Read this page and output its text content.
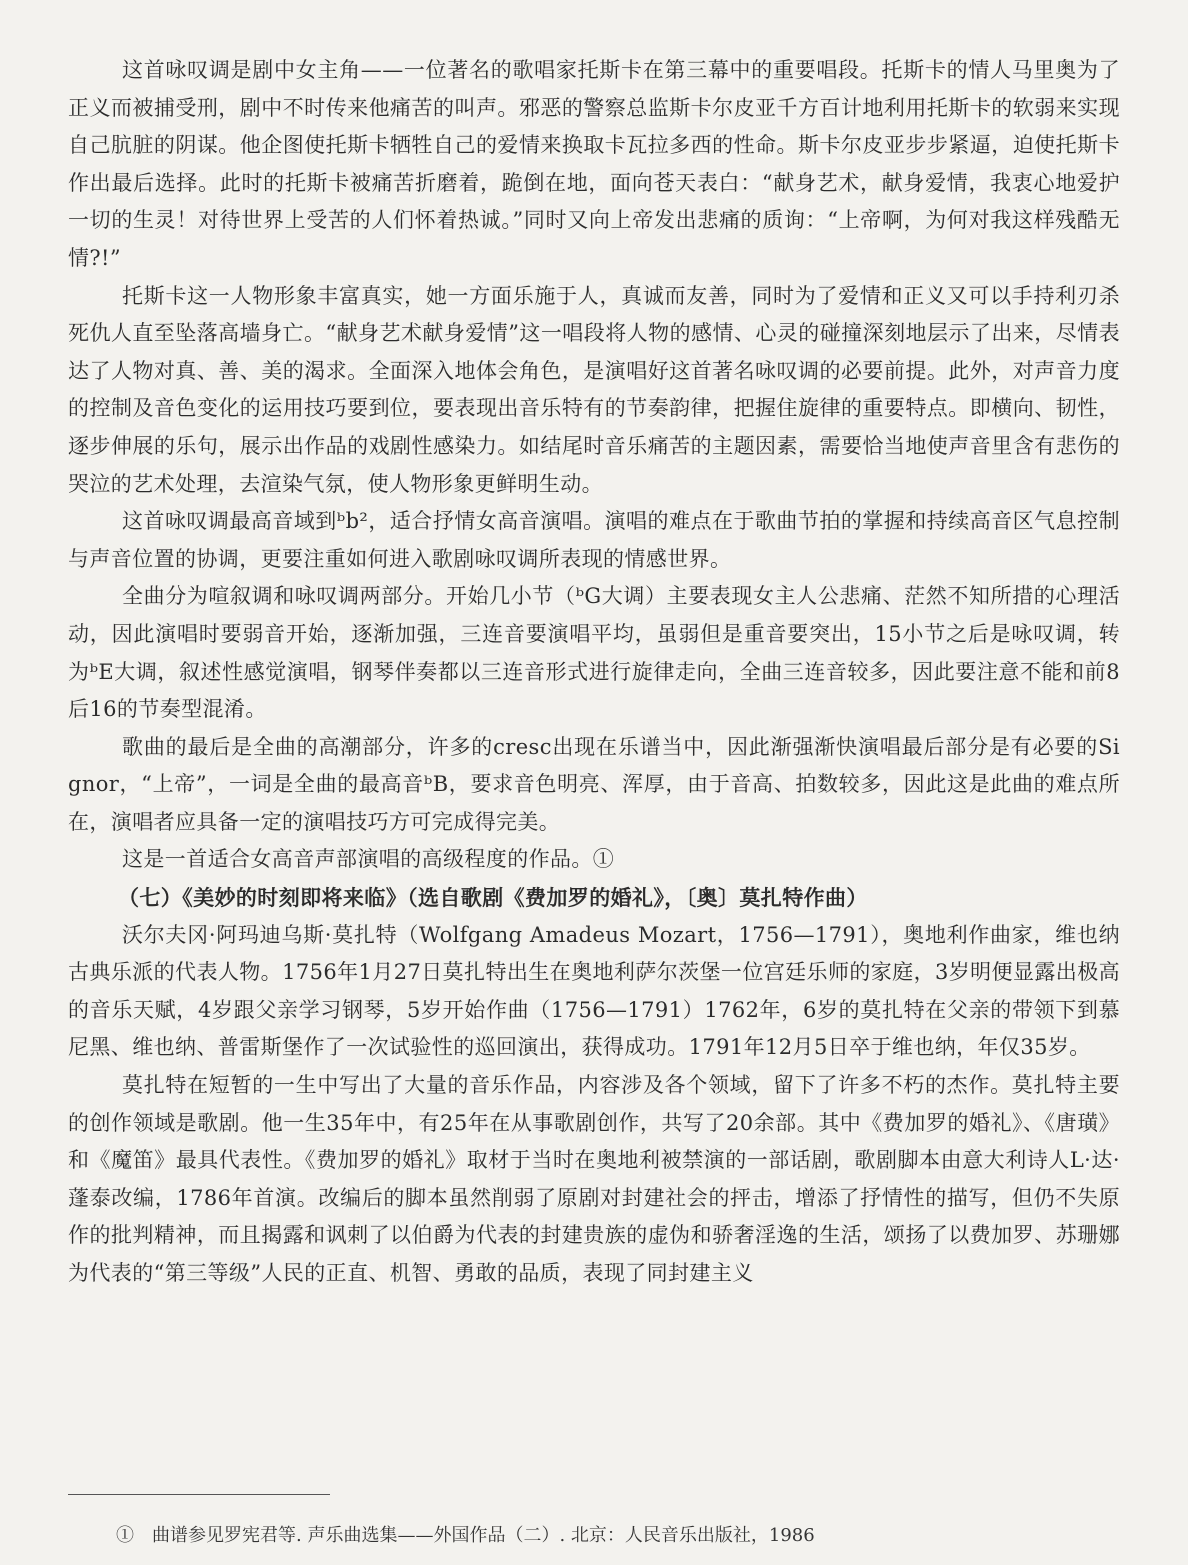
这首咏叹调是剧中女主角——一位著名的歌唱家托斯卡在第三幕中的重要唱段。托斯卡的情人马里奥为了正义而被捕受刑，剧中不时传来他痛苦的叫声。邪恶的警察总监斯卡尔皮亚千方百计地利用托斯卡的软弱来实现自己肮脏的阴谋。他企图使托斯卡牺牲自己的爱情来换取卡瓦拉多西的性命。斯卡尔皮亚步步紧逼，迫使托斯卡作出最后选择。此时的托斯卡被痛苦折磨着，跪倒在地，面向苍天表白：“献身艺术，献身爱情，我衷心地爱护一切的生灵！对待世界上受苦的人们怀着热诚。”同时又向上帝发出悲痛的质询：“上帝啊，为何对我这样残酷无情?!”

托斯卡这一人物形象丰富真实，她一方面乐施于人，真诚而友善，同时为了爱情和正义又可以手持利刃杀死仇人直至坠落高墙身亡。“献身艺术献身爱情”这一唱段将人物的感情、心灵的碰撞深刻地层示了出来，尽情表达了人物对真、善、美的渴求。全面深入地体会角色，是演唱好这首著名咏叹调的必要前提。此外，对声音力度的控制及音色变化的运用技巧要到位，要表现出音乐特有的节奏韵律，把握住旋律的重要特点。即横向、韧性，逐步伸展的乐句，展示出作品的戏剧性感染力。如结尾时音乐痛苦的主题因素，需要恰当地使声音里含有悲伤的哭泣的艺术处理，去渲染气氛，使人物形象更鲜明生动。

这首咏叹调最高音域到ᵇb²，适合抒情女高音演唱。演唱的难点在于歌曲节拍的掌握和持续高音区气息控制与声音位置的协调，更要注重如何进入歌剧咏叹调所表现的情感世界。

全曲分为喧叙调和咏叹调两部分。开始几小节（ᵇG大调）主要表现女主人公悲痛、茫然不知所措的心理活动，因此演唱时要弱音开始，逐渐加强，三连音要演唱平均，虽弱但是重音要突出，15小节之后是咏叹调，转为ᵇE大调，叙述性感觉演唱，钢琴伴奏都以三连音形式进行旋律走向，全曲三连音较多，因此要注意不能和前8后16的节奏型混淆。

歌曲的最后是全曲的高潮部分，许多的cresc出现在乐谱当中，因此渐强渐快演唱最后部分是有必要的Si gnor，“上帝”，一词是全曲的最高音ᵇB，要求音色明亮、浑厚，由于音高、拍数较多，因此这是此曲的难点所在，演唱者应具备一定的演唱技巧方可完成得完美。

这是一首适合女高音声部演唱的高级程度的作品。①

（七）《美妙的时刻即将来临》（选自歌剧《费加罗的婚礼》，〔奥〕莫扎特作曲）

沃尔夫冈·阿玛迪乌斯·莫扎特（Wolfgang Amadeus Mozart，1756—1791），奥地利作曲家，维也纳古典乐派的代表人物。1756年1月27日莫扎特出生在奥地利萨尔茨堡一位宫廷乐师的家庭，3岁明便显露出极高的音乐天赋，4岁跟父亲学习钢琴，5岁开始作曲（1756—1791）1762年，6岁的莫扎特在父亲的带领下到慕尼黑、维也纳、普雷斯堡作了一次试验性的巡回演出，获得成功。1791年12月5日卒于维也纳，年仅35岁。

莫扎特在短暂的一生中写出了大量的音乐作品，内容涉及各个领域，留下了许多不朽的杰作。莫扎特主要的创作领域是歌剧。他一生35年中，有25年在从事歌剧创作，共写了20余部。其中《费加罗的婚礼》、《唐璜》和《魔笛》最具代表性。《费加罗的婚礼》取材于当时在奥地利被禁演的一部话剧，歌剧脚本由意大利诗人L·达·蓬泰改编，1786年首演。改编后的脚本虽然削弱了原剧对封建社会的抨击，增添了抒情性的描写，但仍不失原作的批判精神，而且揭露和讽刺了以伯爵为代表的封建贵族的虚伪和骄奢淫逸的生活，颂扬了以费加罗、苏珊娜为代表的“第三等级”人民的正直、机智、勇敢的品质，表现了同封建主义

①　曲谱参见罗宪君等. 声乐曲选集——外国作品（二）. 北京：人民音乐出版社，1986
